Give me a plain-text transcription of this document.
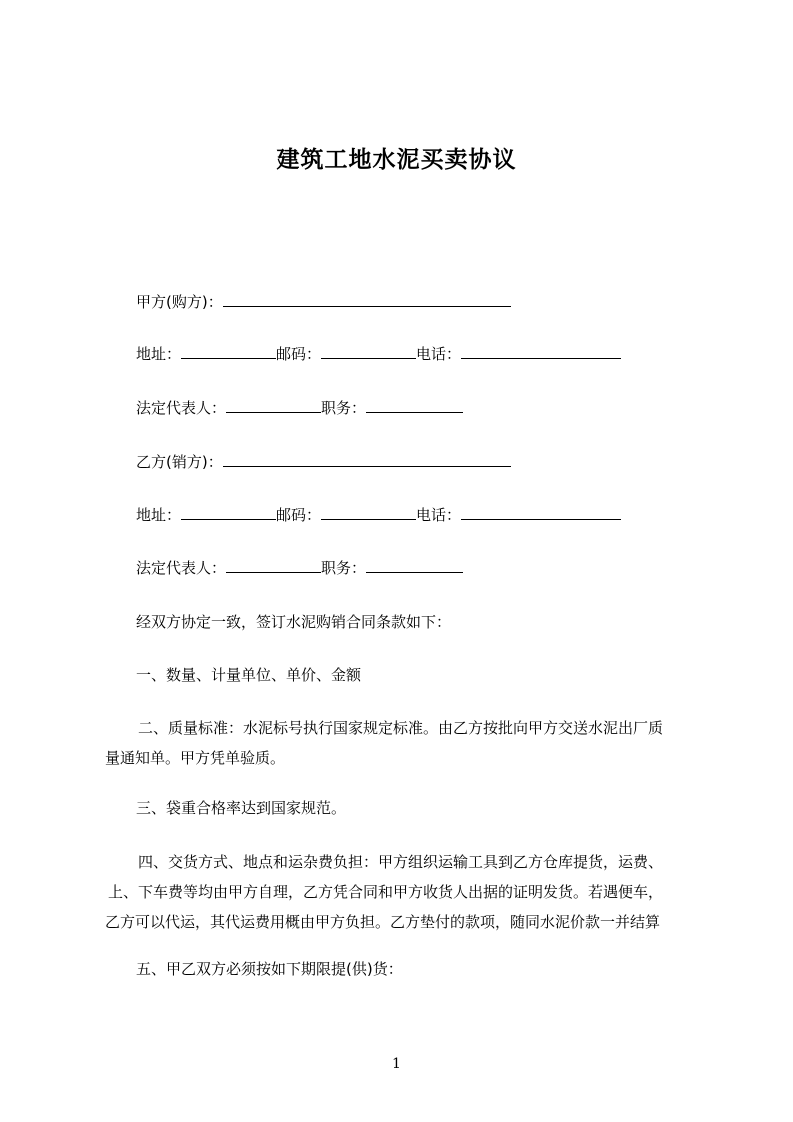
建筑工地水泥买卖协议
甲方(购方)：
地址：	邮码：	电话：
法定代表人：	职务：
乙方(销方)：
地址：	邮码：	电话：
法定代表人：	职务：
经双方协定一致，签订水泥购销合同条款如下：
一、数量、计量单位、单价、金额
二、质量标准：水泥标号执行国家规定标准。由乙方按批向甲方交送水泥出厂质
量通知单。甲方凭单验质。
三、袋重合格率达到国家规范。
四、交货方式、地点和运杂费负担：甲方组织运输工具到乙方仓库提货，运费、
上、下车费等均由甲方自理，乙方凭合同和甲方收货人出据的证明发货。若遇便车，
乙方可以代运，其代运费用概由甲方负担。乙方垫付的款项，随同水泥价款一并结算
五、甲乙双方必须按如下期限提(供)货：
1
